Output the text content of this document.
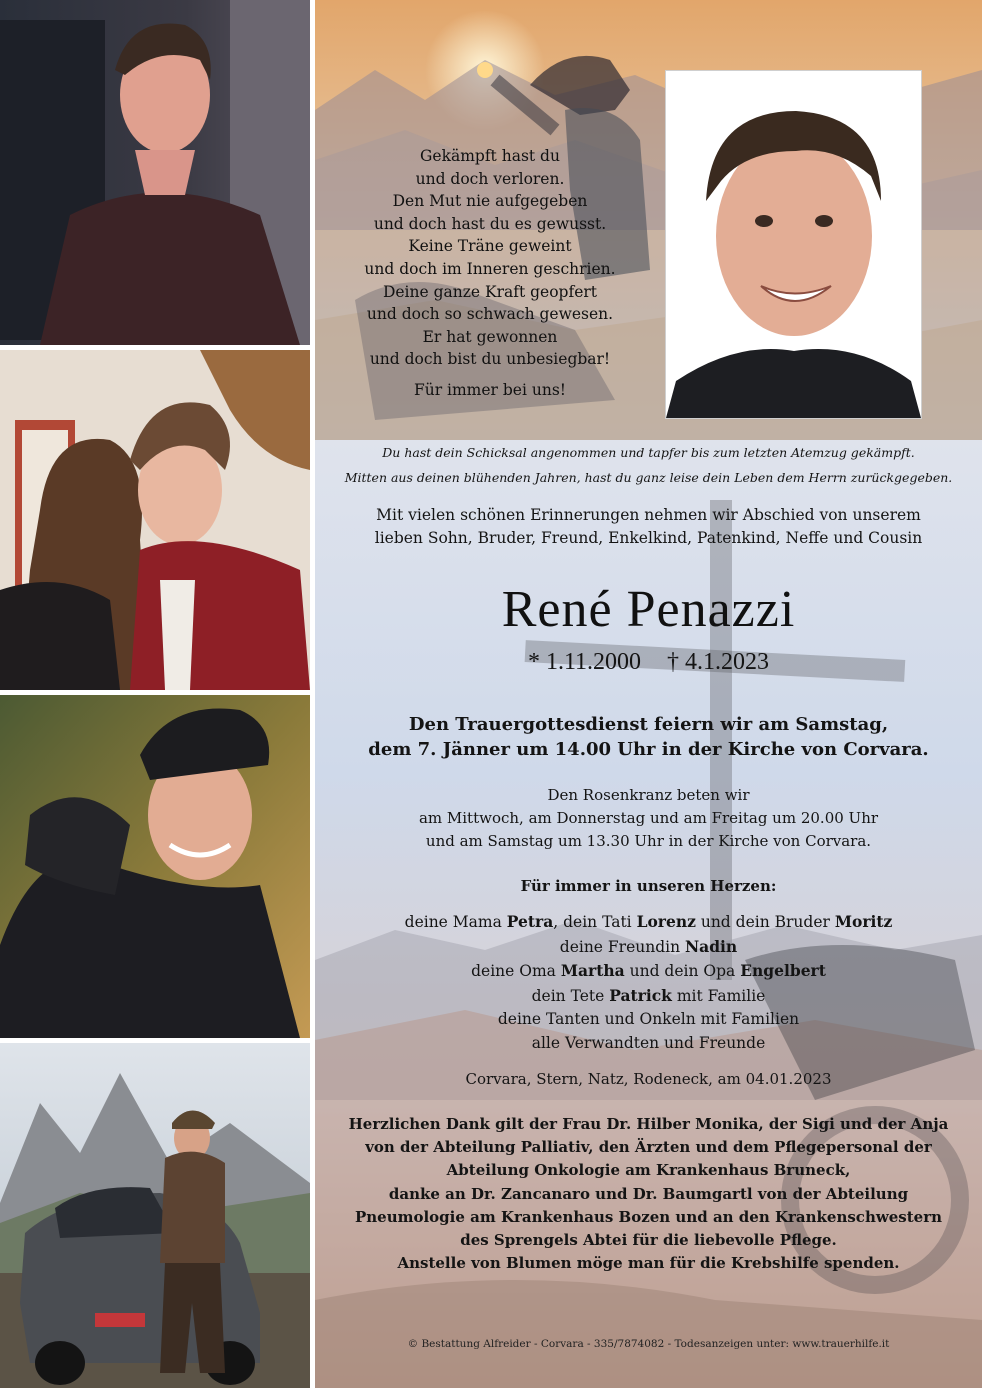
Gekämpft hast du
und doch verloren.
Den Mut nie aufgegeben
und doch hast du es gewusst.
Keine Träne geweint
und doch im Inneren geschrien.
Deine ganze Kraft geopfert
und doch so schwach gewesen.
Er hat gewonnen
und doch bist du unbesiegbar!
Für immer bei uns!
Du hast dein Schicksal angenommen und tapfer bis zum letzten Atemzug gekämpft.
Mitten aus deinen blühenden Jahren, hast du ganz leise dein Leben dem Herrn zurückgegeben.
Mit vielen schönen Erinnerungen nehmen wir Abschied von unserem
lieben Sohn, Bruder, Freund, Enkelkind, Patenkind, Neffe und Cousin
René Penazzi
* 1.11.2000 † 4.1.2023
Den Trauergottesdienst feiern wir am Samstag,
dem 7. Jänner um 14.00 Uhr in der Kirche von Corvara.
Den Rosenkranz beten wir
am Mittwoch, am Donnerstag und am Freitag um 20.00 Uhr
und am Samstag um 13.30 Uhr in der Kirche von Corvara.
Für immer in unseren Herzen:
deine Mama Petra, dein Tati Lorenz und dein Bruder Moritz
deine Freundin Nadin
deine Oma Martha und dein Opa Engelbert
dein Tete Patrick mit Familie
deine Tanten und Onkeln mit Familien
alle Verwandten und Freunde
Corvara, Stern, Natz, Rodeneck, am 04.01.2023
Herzlichen Dank gilt der Frau Dr. Hilber Monika, der Sigi und der Anja
von der Abteilung Palliativ, den Ärzten und dem Pflegepersonal der
Abteilung Onkologie am Krankenhaus Bruneck,
danke an Dr. Zancanaro und Dr. Baumgartl von der Abteilung
Pneumologie am Krankenhaus Bozen und an den Krankenschwestern
des Sprengels Abtei für die liebevolle Pflege.
Anstelle von Blumen möge man für die Krebshilfe spenden.
© Bestattung Alfreider - Corvara - 335/7874082 - Todesanzeigen unter: www.trauerhilfe.it
